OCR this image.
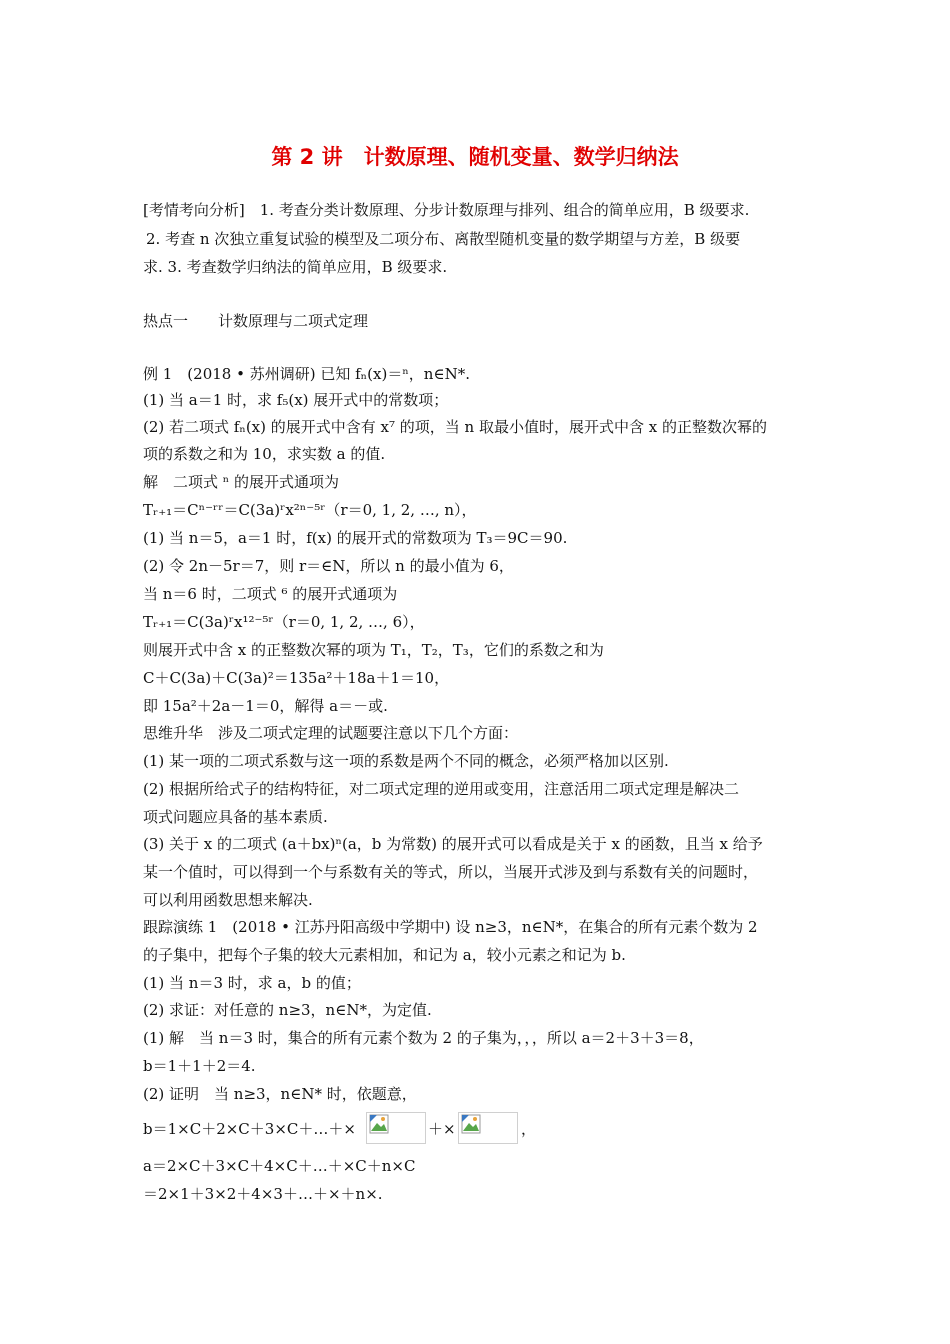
第 2 讲　计数原理、随机变量、数学归纳法
[考情考向分析]　1. 考查分类计数原理、分步计数原理与排列、组合的简单应用，B 级要求.
2. 考查 n 次独立重复试验的模型及二项分布、离散型随机变量的数学期望与方差，B 级要
求. 3. 考查数学归纳法的简单应用，B 级要求.
热点一　　计数原理与二项式定理
例 1　(2018 • 苏州调研) 已知 fₙ(x)＝ⁿ，n∈N*.
(1) 当 a＝1 时，求 f₅(x) 展开式中的常数项；
(2) 若二项式 fₙ(x) 的展开式中含有 x⁷ 的项，当 n 取最小值时，展开式中含 x 的正整数次幂的
项的系数之和为 10，求实数 a 的值.
解　二项式 ⁿ 的展开式通项为
Tᵣ₊₁＝Cⁿ⁻ʳʳ＝C(3a)ʳx²ⁿ⁻⁵ʳ（r＝0, 1, 2, …, n），
(1) 当 n＝5，a＝1 时，f(x) 的展开式的常数项为 T₃＝9C＝90.
(2) 令 2n－5r＝7，则 r＝∈N，所以 n 的最小值为 6，
当 n＝6 时，二项式 ⁶ 的展开式通项为
Tᵣ₊₁＝C(3a)ʳx¹²⁻⁵ʳ（r＝0, 1, 2, …, 6），
则展开式中含 x 的正整数次幂的项为 T₁，T₂，T₃，它们的系数之和为
C＋C(3a)＋C(3a)²＝135a²＋18a＋1＝10，
即 15a²＋2a－1＝0，解得 a＝－或.
思维升华　涉及二项式定理的试题要注意以下几个方面：
(1) 某一项的二项式系数与这一项的系数是两个不同的概念，必须严格加以区别.
(2) 根据所给式子的结构特征，对二项式定理的逆用或变用，注意活用二项式定理是解决二
项式问题应具备的基本素质.
(3) 关于 x 的二项式 (a＋bx)ⁿ(a，b 为常数) 的展开式可以看成是关于 x 的函数，且当 x 给予
某一个值时，可以得到一个与系数有关的等式，所以，当展开式涉及到与系数有关的问题时，
可以利用函数思想来解决.
跟踪演练 1　(2018 • 江苏丹阳高级中学期中) 设 n≥3，n∈N*，在集合的所有元素个数为 2
的子集中，把每个子集的较大元素相加，和记为 a，较小元素之和记为 b.
(1) 当 n＝3 时，求 a，b 的值；
(2) 求证：对任意的 n≥3，n∈N*，为定值.
(1) 解　当 n＝3 时，集合的所有元素个数为 2 的子集为，，，所以 a＝2＋3＋3＝8，
b＝1＋1＋2＝4.
(2) 证明　当 n≥3，n∈N* 时，依题意，
b＝1×C＋2×C＋3×C＋…＋×	＋×	，
a＝2×C＋3×C＋4×C＋…＋×C＋n×C
＝2×1＋3×2＋4×3＋…＋×＋n×.
